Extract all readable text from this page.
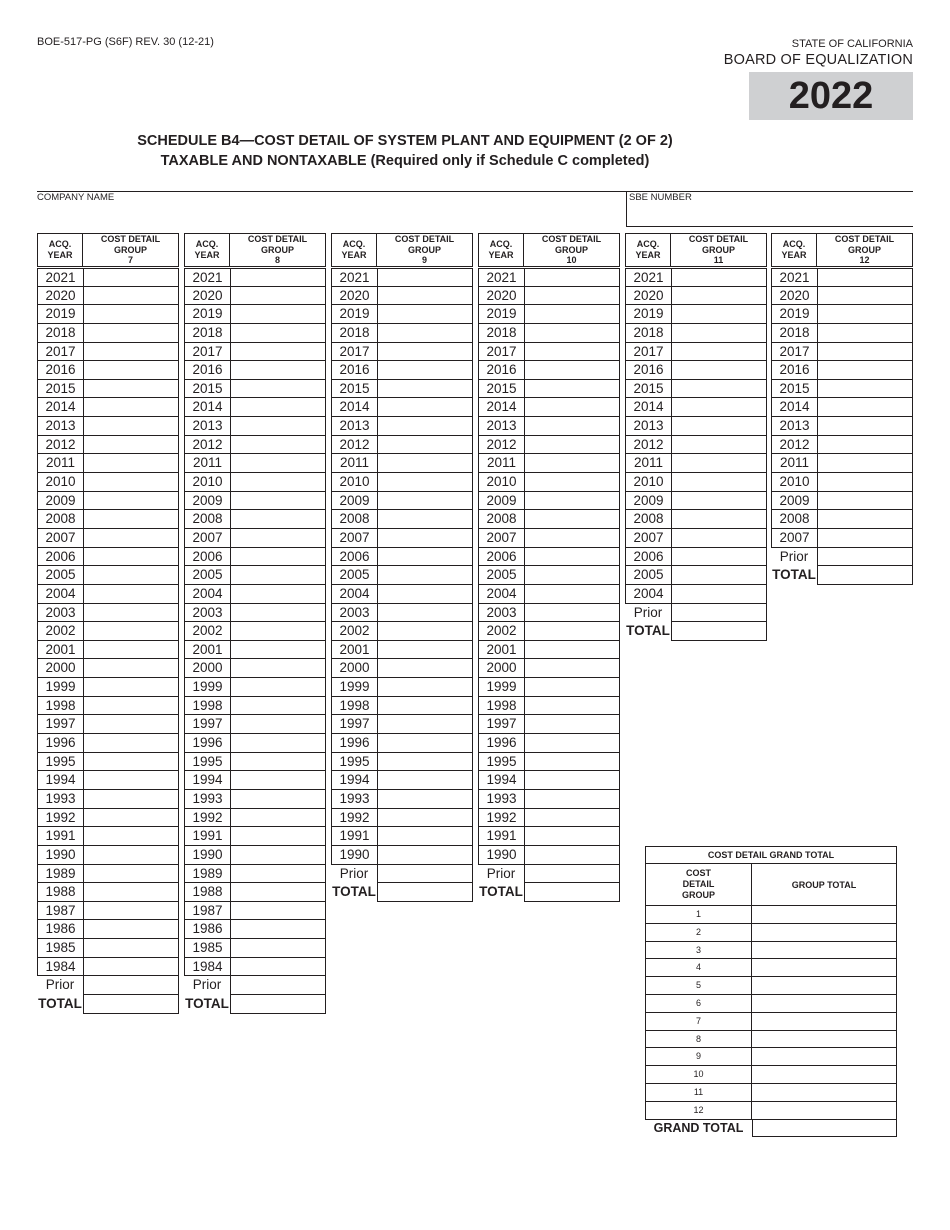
BOE-517-PG (S6F) REV. 30 (12-21)	STATE OF CALIFORNIA
BOARD OF EQUALIZATION
2022
SCHEDULE B4—COST DETAIL OF SYSTEM PLANT AND EQUIPMENT (2 OF 2)
TAXABLE AND NONTAXABLE (Required only if Schedule C completed)
COMPANY NAME	SBE NUMBER
ACQ.
YEAR
COST DETAIL
GROUP
7
2021
2020
2019
2018
2017
2016
2015
2014
2013
2012
2011
2010
2009
2008
2007
2006
2005
2004
2003
2002
2001
2000
1999
1998
1997
1996
1995
1994
1993
1992
1991
1990
1989
1988
1987
1986
1985
1984
Prior
TOTAL
ACQ.
YEAR
COST DETAIL
GROUP
8
2021
2020
2019
2018
2017
2016
2015
2014
2013
2012
2011
2010
2009
2008
2007
2006
2005
2004
2003
2002
2001
2000
1999
1998
1997
1996
1995
1994
1993
1992
1991
1990
1989
1988
1987
1986
1985
1984
Prior
TOTAL
ACQ.
YEAR
COST DETAIL
GROUP
9
2021
2020
2019
2018
2017
2016
2015
2014
2013
2012
2011
2010
2009
2008
2007
2006
2005
2004
2003
2002
2001
2000
1999
1998
1997
1996
1995
1994
1993
1992
1991
1990
Prior
TOTAL
ACQ.
YEAR
COST DETAIL
GROUP
10
2021
2020
2019
2018
2017
2016
2015
2014
2013
2012
2011
2010
2009
2008
2007
2006
2005
2004
2003
2002
2001
2000
1999
1998
1997
1996
1995
1994
1993
1992
1991
1990
Prior
TOTAL
ACQ.
YEAR
COST DETAIL
GROUP
11
2021
2020
2019
2018
2017
2016
2015
2014
2013
2012
2011
2010
2009
2008
2007
2006
2005
2004
Prior
TOTAL
ACQ.
YEAR
COST DETAIL
GROUP
12
2021
2020
2019
2018
2017
2016
2015
2014
2013
2012
2011
2010
2009
2008
2007
Prior
TOTAL
COST DETAIL GRAND TOTAL
COST
DETAIL
GROUP
GROUP TOTAL
1
2
3
4
5
6
7
8
9
10
11
12
GRAND TOTAL
